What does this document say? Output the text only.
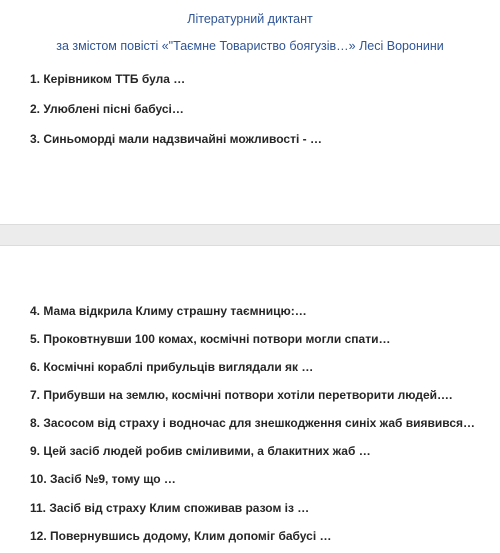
Літературний диктант
за змістом повісті «"Таємне Товариство боягузів…» Лесі Воронини
1. Керівником ТТБ була …
2. Улюблені пісні бабусі…
3. Синьоморді мали надзвичайні можливості - …
4. Мама відкрила Климу страшну таємницю:…
5. Проковтнувши 100 комах, космічні потвори могли спати…
6. Космічні кораблі прибульців виглядали як …
7. Прибувши на землю, космічні потвори хотіли перетворити людей….
8. Засосом від страху і водночас для знешкодження синіх жаб виявився…
9. Цей засіб людей робив сміливими, а блакитних жаб …
10. Засіб №9, тому що …
11. Засіб від страху Клим споживав разом із …
12. Повернувшись додому, Клим допоміг бабусі …
